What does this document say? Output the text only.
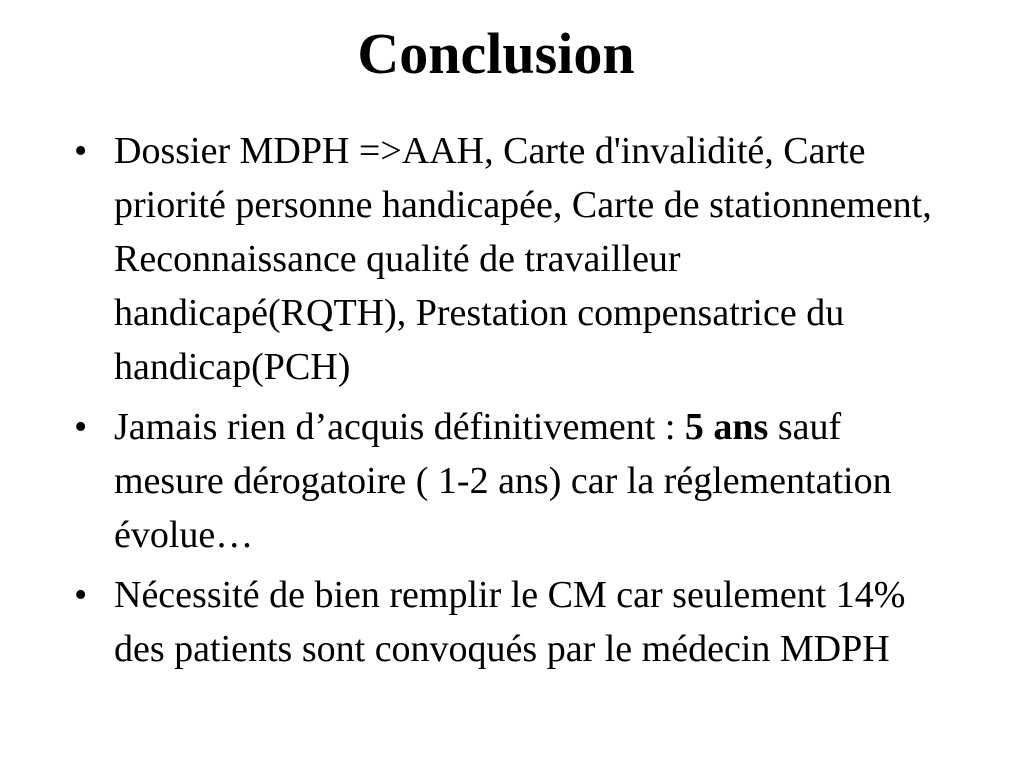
Conclusion
• Dossier MDPH =>AAH, Carte d'invalidité, Carte priorité personne handicapée, Carte de stationnement, Reconnaissance qualité de travailleur handicapé(RQTH), Prestation compensatrice du handicap(PCH)
• Jamais rien d’acquis définitivement : 5 ans sauf mesure dérogatoire ( 1-2 ans) car la réglementation évolue…
• Nécessité de bien remplir le CM car seulement 14% des patients sont convoqués par le médecin MDPH
